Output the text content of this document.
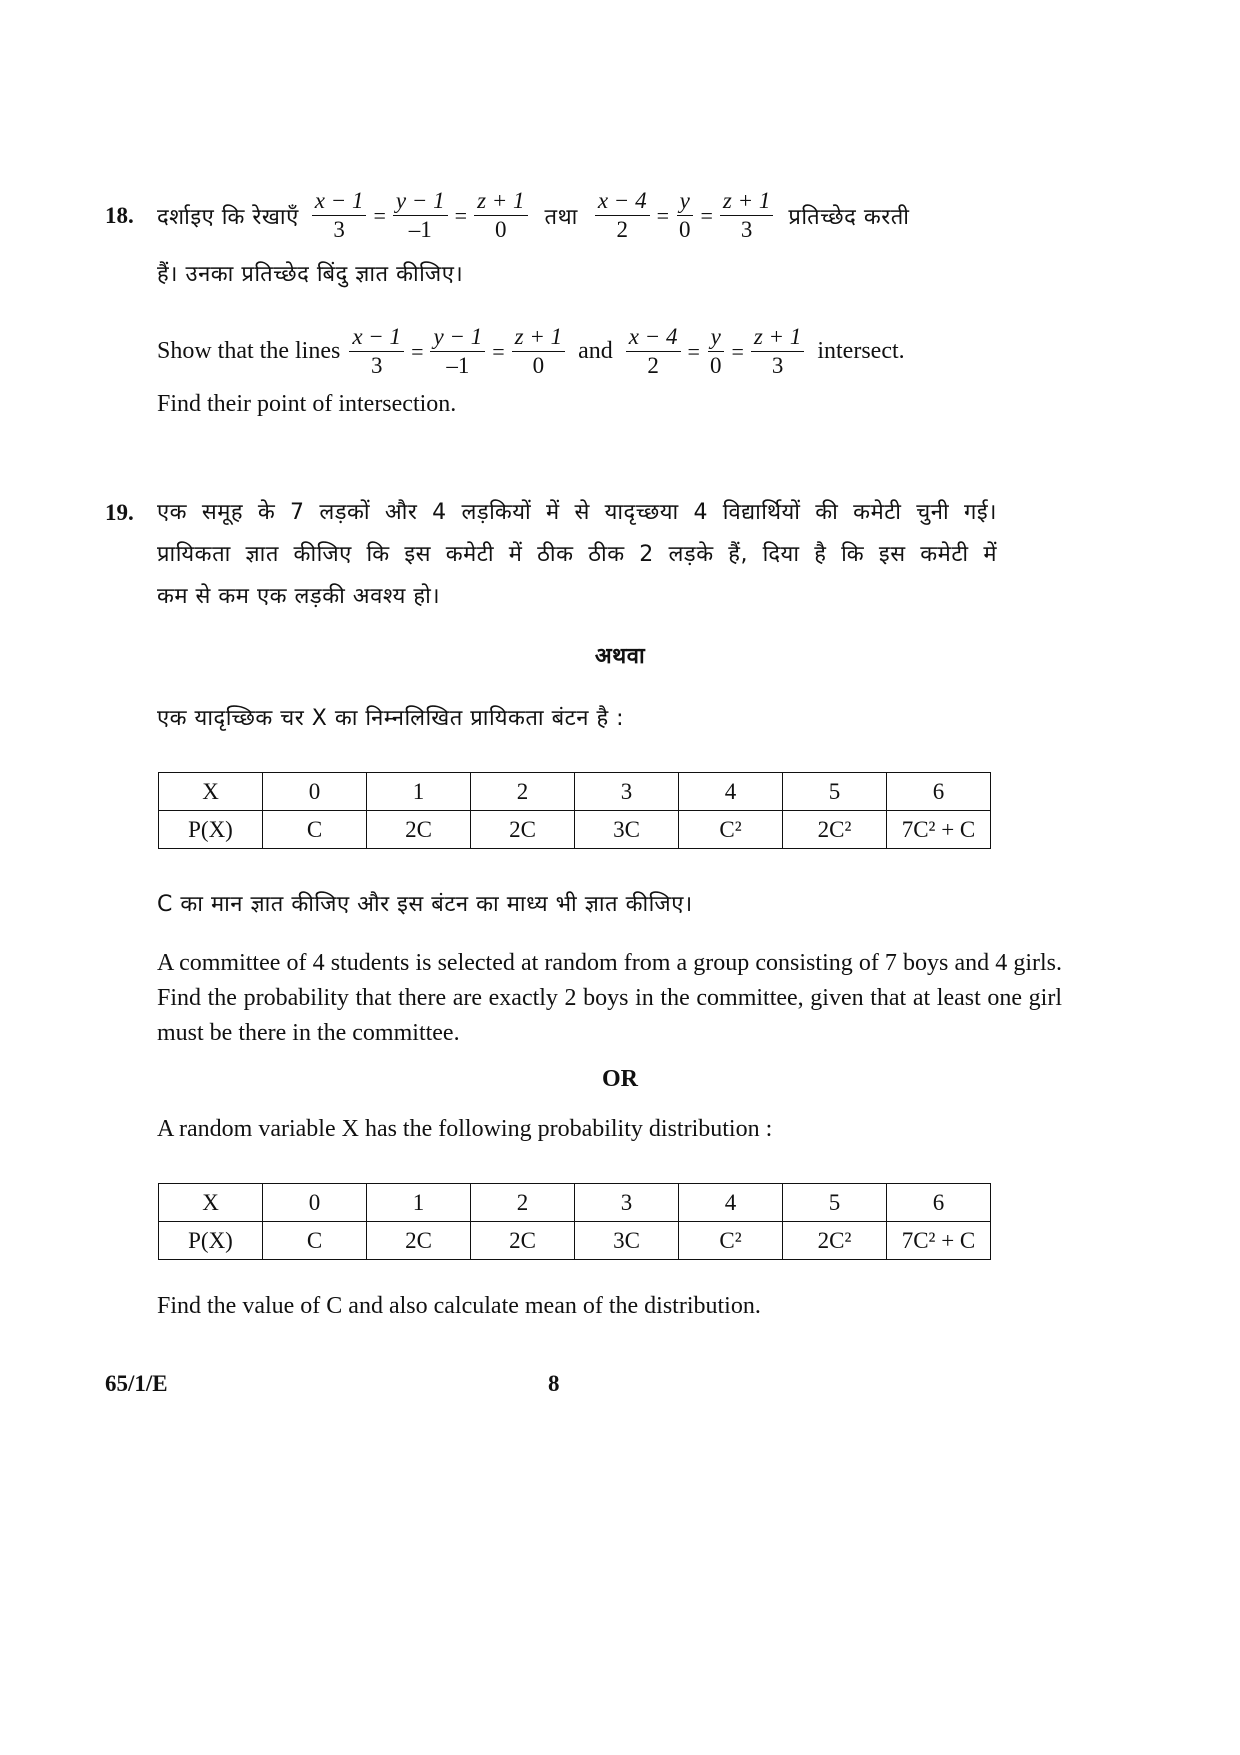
18. दर्शाइए कि रेखाएँ $\frac{x - 1}{3} = \frac{y - 1}{-1} = \frac{z + 1}{0}$ तथा $\frac{x - 4}{2} = \frac{y}{0} = \frac{z + 1}{3}$ प्रतिच्छेद करती
हैं। उनका प्रतिच्छेद बिंदु ज्ञात कीजिए।
Show that the lines $\frac{x - 1}{3} = \frac{y - 1}{-1} = \frac{z + 1}{0}$ and $\frac{x - 4}{2} = \frac{y}{0} = \frac{z + 1}{3}$ intersect.
Find their point of intersection.
19. एक समूह के 7 लड़कों और 4 लड़कियों में से यादृच्छया 4 विद्यार्थियों की कमेटी चुनी गई।
प्रायिकता ज्ञात कीजिए कि इस कमेटी में ठीक ठीक 2 लड़के हैं, दिया है कि इस कमेटी में
कम से कम एक लड़की अवश्य हो।
अथवा
एक यादृच्छिक चर X का निम्नलिखित प्रायिकता बंटन है :
X	0	1	2	3	4	5	6
P(X)	C	2C	2C	3C	C²	2C²	7C² + C
C का मान ज्ञात कीजिए और इस बंटन का माध्य भी ज्ञात कीजिए।
A committee of 4 students is selected at random from a group consisting of 7 boys and 4 girls. Find the probability that there are exactly 2 boys in the committee, given that at least one girl must be there in the committee.
OR
A random variable X has the following probability distribution :
X	0	1	2	3	4	5	6
P(X)	C	2C	2C	3C	C²	2C²	7C² + C
Find the value of C and also calculate mean of the distribution.
65/1/E	8
